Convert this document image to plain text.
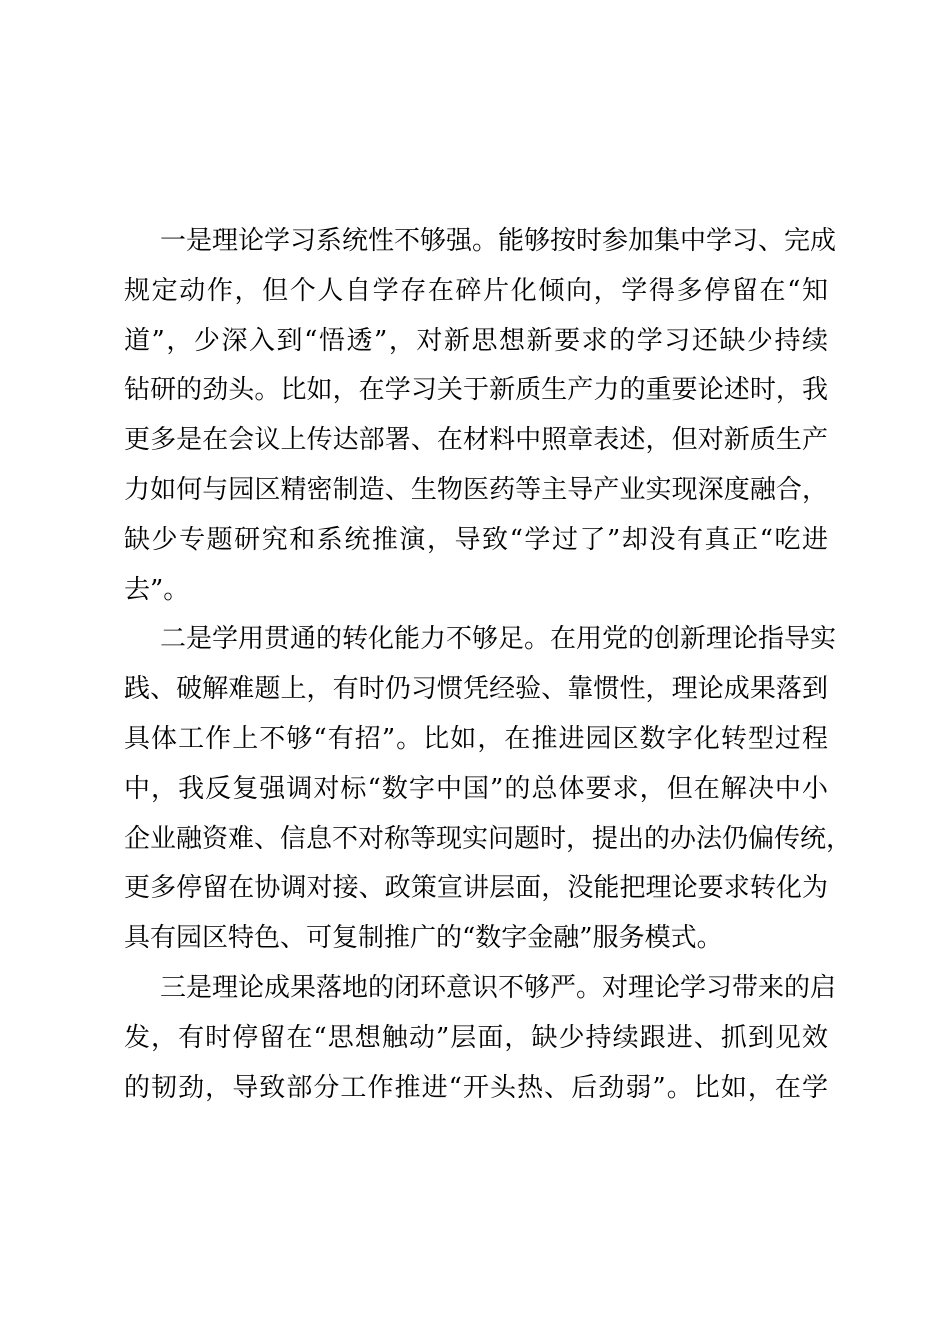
一是理论学习系统性不够强。能够按时参加集中学习、完成
规定动作，但个人自学存在碎片化倾向，学得多停留在“知
道”，少深入到“悟透”，对新思想新要求的学习还缺少持续
钻研的劲头。比如，在学习关于新质生产力的重要论述时，我
更多是在会议上传达部署、在材料中照章表述，但对新质生产
力如何与园区精密制造、生物医药等主导产业实现深度融合，
缺少专题研究和系统推演，导致“学过了”却没有真正“吃进
去”。
二是学用贯通的转化能力不够足。在用党的创新理论指导实
践、破解难题上，有时仍习惯凭经验、靠惯性，理论成果落到
具体工作上不够“有招”。比如，在推进园区数字化转型过程
中，我反复强调对标“数字中国”的总体要求，但在解决中小
企业融资难、信息不对称等现实问题时，提出的办法仍偏传统，
更多停留在协调对接、政策宣讲层面，没能把理论要求转化为
具有园区特色、可复制推广的“数字金融”服务模式。
三是理论成果落地的闭环意识不够严。对理论学习带来的启
发，有时停留在“思想触动”层面，缺少持续跟进、抓到见效
的韧劲，导致部分工作推进“开头热、后劲弱”。比如，在学
